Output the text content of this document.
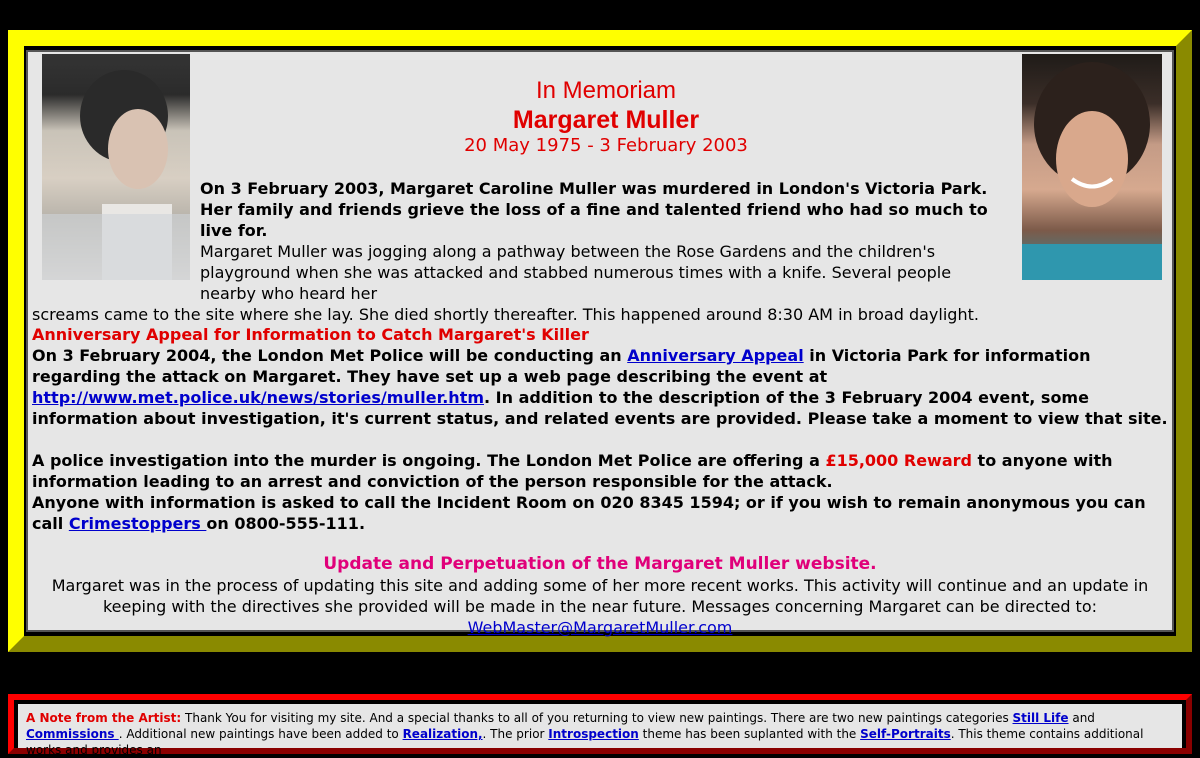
In Memoriam
Margaret Muller
20 May 1975 - 3 February 2003
On 3 February 2003, Margaret Caroline Muller was murdered in London's Victoria Park. Her family and friends grieve the loss of a fine and talented friend who had so much to live for.
Margaret Muller was jogging along a pathway between the Rose Gardens and the children's playground when she was attacked and stabbed numerous times with a knife. Several people nearby who heard her
screams came to the site where she lay. She died shortly thereafter. This happened around 8:30 AM in broad daylight.
Anniversary Appeal for Information to Catch Margaret's Killer
On 3 February 2004, the London Met Police will be conducting an Anniversary Appeal in Victoria Park for information regarding the attack on Margaret. They have set up a web page describing the event at http://www.met.police.uk/news/stories/muller.htm. In addition to the description of the 3 February 2004 event, some information about investigation, it's current status, and related events are provided. Please take a moment to view that site.
A police investigation into the murder is ongoing. The London Met Police are offering a £15,000 Reward to anyone with information leading to an arrest and conviction of the person responsible for the attack.
Anyone with information is asked to call the Incident Room on 020 8345 1594; or if you wish to remain anonymous you can call Crimestoppers on 0800-555-111.
Update and Perpetuation of the Margaret Muller website.
Margaret was in the process of updating this site and adding some of her more recent works. This activity will continue and an update in keeping with the directives she provided will be made in the near future. Messages concerning Margaret can be directed to:
WebMaster@MargaretMuller.com
A Note from the Artist: Thank You for visiting my site. And a special thanks to all of you returning to view new paintings. There are two new paintings categories Still Life and Commissions . Additional new paintings have been added to Realization,. The prior Introspection theme has been suplanted with the Self-Portraits. This theme contains additional works and provides an
